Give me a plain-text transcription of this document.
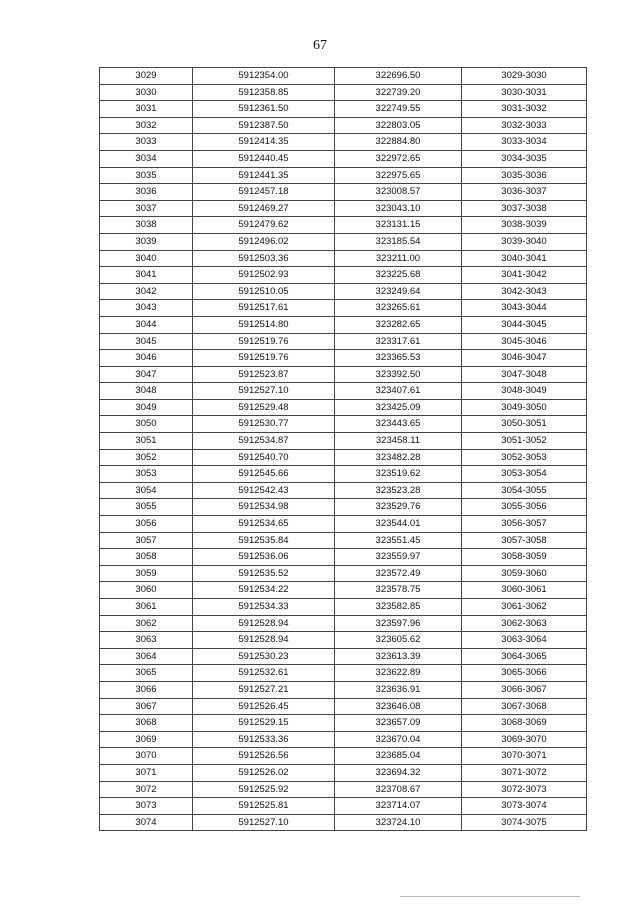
67
3029	5912354.00	322696.50	3029-3030
3030	5912358.85	322739.20	3030-3031
3031	5912361.50	322749.55	3031-3032
3032	5912387.50	322803.05	3032-3033
3033	5912414.35	322884.80	3033-3034
3034	5912440.45	322972.65	3034-3035
3035	5912441.35	322975.65	3035-3036
3036	5912457.18	323008.57	3036-3037
3037	5912469.27	323043.10	3037-3038
3038	5912479.62	323131.15	3038-3039
3039	5912496.02	323185.54	3039-3040
3040	5912503.36	323211.00	3040-3041
3041	5912502.93	323225.68	3041-3042
3042	5912510.05	323249.64	3042-3043
3043	5912517.61	323265.61	3043-3044
3044	5912514.80	323282.65	3044-3045
3045	5912519.76	323317.61	3045-3046
3046	5912519.76	323365.53	3046-3047
3047	5912523.87	323392.50	3047-3048
3048	5912527.10	323407.61	3048-3049
3049	5912529.48	323425.09	3049-3050
3050	5912530.77	323443.65	3050-3051
3051	5912534.87	323458.11	3051-3052
3052	5912540.70	323482.28	3052-3053
3053	5912545.66	323519.62	3053-3054
3054	5912542.43	323523.28	3054-3055
3055	5912534.98	323529.76	3055-3056
3056	5912534.65	323544.01	3056-3057
3057	5912535.84	323551.45	3057-3058
3058	5912536.06	323559.97	3058-3059
3059	5912535.52	323572.49	3059-3060
3060	5912534.22	323578.75	3060-3061
3061	5912534.33	323582.85	3061-3062
3062	5912528.94	323597.96	3062-3063
3063	5912528.94	323605.62	3063-3064
3064	5912530.23	323613.39	3064-3065
3065	5912532.61	323622.89	3065-3066
3066	5912527.21	323636.91	3066-3067
3067	5912526.45	323646.08	3067-3068
3068	5912529.15	323657.09	3068-3069
3069	5912533.36	323670.04	3069-3070
3070	5912526.56	323685.04	3070-3071
3071	5912526.02	323694.32	3071-3072
3072	5912525.92	323708.67	3072-3073
3073	5912525.81	323714.07	3073-3074
3074	5912527.10	323724.10	3074-3075
